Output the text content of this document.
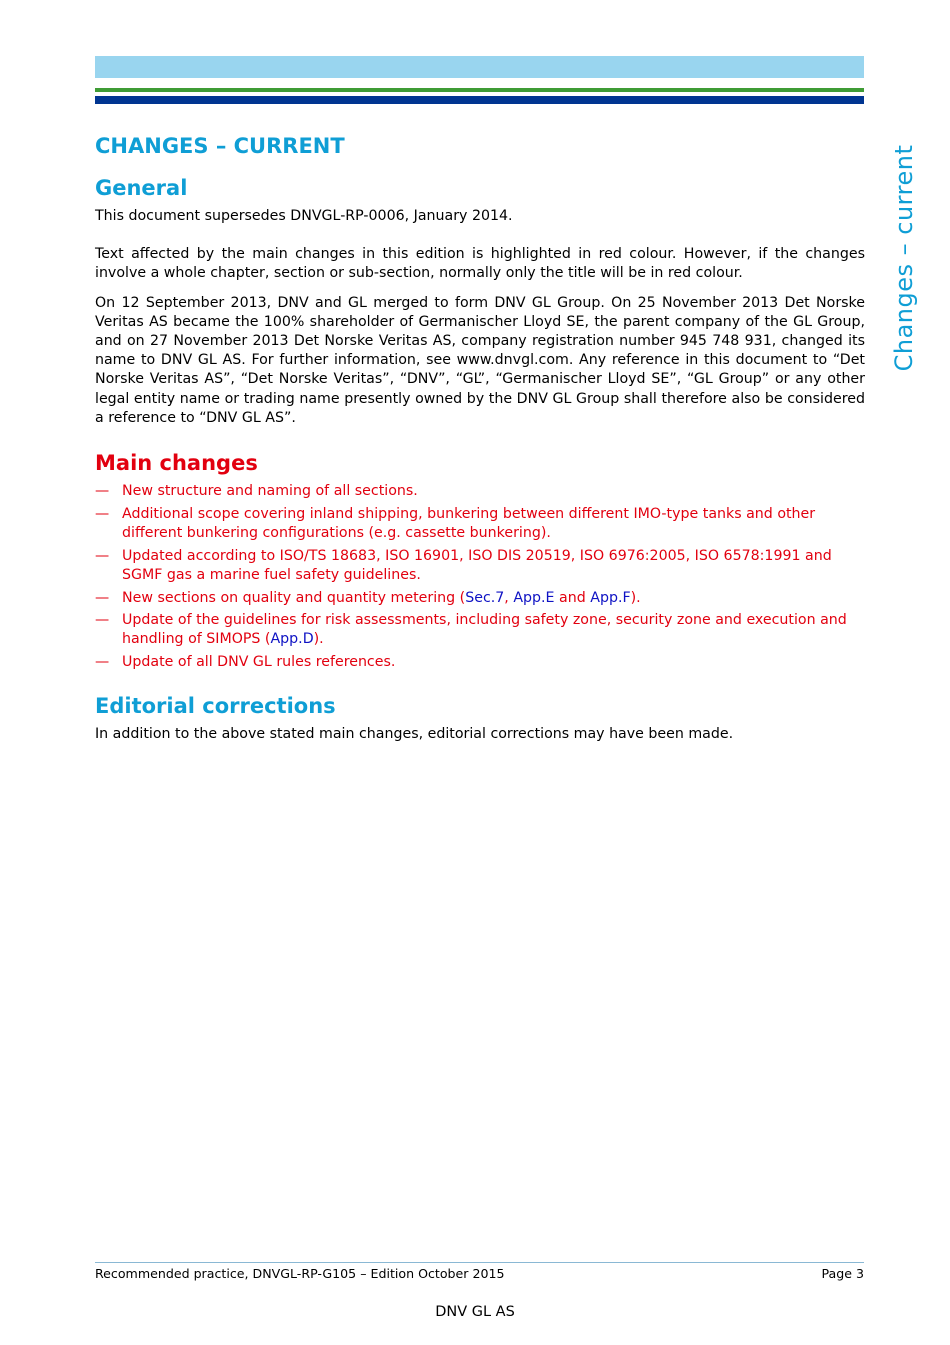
Changes – current
CHANGES – CURRENT
General

This document supersedes DNVGL-RP-0006, January 2014.

Text affected by the main changes in this edition is highlighted in red colour. However, if the changes involve a whole chapter, section or sub-section, normally only the title will be in red colour.

On 12 September 2013, DNV and GL merged to form DNV GL Group. On 25 November 2013 Det Norske Veritas AS became the 100% shareholder of Germanischer Lloyd SE, the parent company of the GL Group, and on 27 November 2013 Det Norske Veritas AS, company registration number 945 748 931, changed its name to DNV GL AS. For further information, see www.dnvgl.com. Any reference in this document to “Det Norske Veritas AS”, “Det Norske Veritas”, “DNV”, “GL”, “Germanischer Lloyd SE”, “GL Group” or any other legal entity name or trading name presently owned by the DNV GL Group shall therefore also be considered a reference to “DNV GL AS”.

Main changes
— New structure and naming of all sections.
— Additional scope covering inland shipping, bunkering between different IMO-type tanks and other different bunkering configurations (e.g. cassette bunkering).
— Updated according to ISO/TS 18683, ISO 16901, ISO DIS 20519, ISO 6976:2005, ISO 6578:1991 and SGMF gas a marine fuel safety guidelines.
— New sections on quality and quantity metering (Sec.7, App.E and App.F).
— Update of the guidelines for risk assessments, including safety zone, security zone and execution and handling of SIMOPS (App.D).
— Update of all DNV GL rules references.
Editorial corrections

In addition to the above stated main changes, editorial corrections may have been made.

Recommended practice, DNVGL-RP-G105 – Edition October 2015	Page 3
DNV GL AS
